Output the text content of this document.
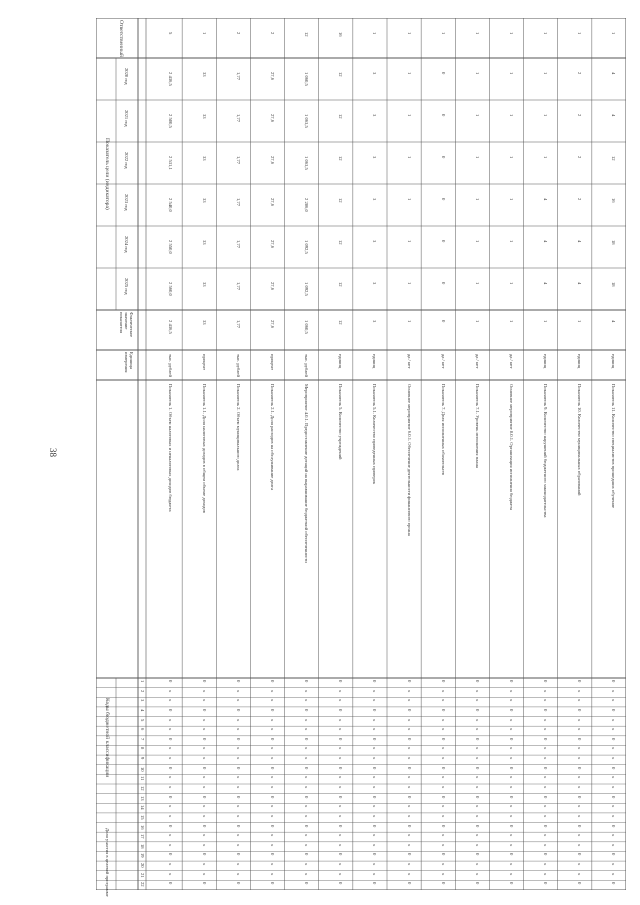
38
Ответственный
Показатель цели (индикатора)
2020 год
2021 год
2022 год
2023 год
2024 год
2025 год
Фактическое значение показателя
Единица измерения
Коды бюджетной классификации
Доля участия в целевой программе
1
2
3
4
5
6
7
8
9
10
11
12
13
14
15
16
17
18
19
20
21
22
Показатель 1. Объем налоговых и неналоговых доходов бюджета
тыс. рублей
2 436,5
2 436,5
2 500,5
2 531,1
2 540,0
2 550,0
2 560,0
5
0
х
х
0
х
х
0
х
х
0
х
х
0
х
х
0
х
х
0
х
х
0
Показатель 1.1. Доля налоговых доходов в общем объеме доходов
процент
33
33
33
33
33
33
33
1
0
х
х
0
х
х
0
х
х
0
х
х
0
х
х
0
х
х
0
х
х
0
Показатель 2. Объем муниципального долга
тыс. рублей
1,77
1,77
1,77
1,77
1,77
1,77
1,77
2
0
х
х
0
х
х
0
х
х
0
х
х
0
х
х
0
х
х
0
х
х
0
Показатель 2.1. Доля расходов на обслуживание долга
процент
27,6
27,6
27,6
27,6
27,6
27,6
27,6
2
0
х
х
0
х
х
0
х
х
0
х
х
0
х
х
0
х
х
0
х
х
0
Мероприятие 4.0.1. Предоставление дотаций на выравнивание бюджетной обеспеченности
тыс. рублей
1 060,5
1 060,5
1 063,5
1 063,5
2 286,0
1 092,5
1 092,5
12
0
х
х
0
х
х
0
х
х
0
х
х
0
х
х
0
х
х
0
х
х
0
Показатель 5. Количество учреждений
единиц
12
12
12
12
12
12
12
16
0
х
х
0
х
х
0
х
х
0
х
х
0
х
х
0
х
х
0
х
х
0
Показатель 5.1. Количество проведенных проверок
единиц
3
3
3
3
3
3
3
1
0
х
х
0
х
х
0
х
х
0
х
х
0
х
х
0
х
х
0
х
х
0
Основное мероприятие 6.0.1. Обеспечение деятельности финансового органа
да / нет
1
1
1
1
1
1
1
1
0
х
х
0
х
х
0
х
х
0
х
х
0
х
х
0
х
х
0
х
х
0
Показатель 7. Доля исполненных обязательств
да / нет
0
0
0
0
0
0
0
1
0
х
х
0
х
х
0
х
х
0
х
х
0
х
х
0
х
х
0
х
х
0
Показатель 7.1. Уровень исполнения плана
да / нет
1
1
1
1
1
1
1
1
0
х
х
0
х
х
0
х
х
0
х
х
0
х
х
0
х
х
0
х
х
0
Основное мероприятие 8.0.1. Организация исполнения бюджета
да / нет
1
1
1
1
1
1
1
1
0
х
х
0
х
х
0
х
х
0
х
х
0
х
х
0
х
х
0
х
х
0
Показатель 9. Количество нарушений бюджетного законодательства
единиц
1
1
1
1
4
4
4
1
0
х
х
0
х
х
0
х
х
0
х
х
0
х
х
0
х
х
0
х
х
0
Показатель 10. Количество муниципальных образований
единиц
1
2
2
2
2
4
4
1
0
х
х
0
х
х
0
х
х
0
х
х
0
х
х
0
х
х
0
х
х
0
Показатель 11. Количество специалистов прошедших обучение
единиц
4
4
4
12
16
18
18
1
0
х
х
0
х
х
0
х
х
0
х
х
0
х
х
0
х
х
0
х
х
0
